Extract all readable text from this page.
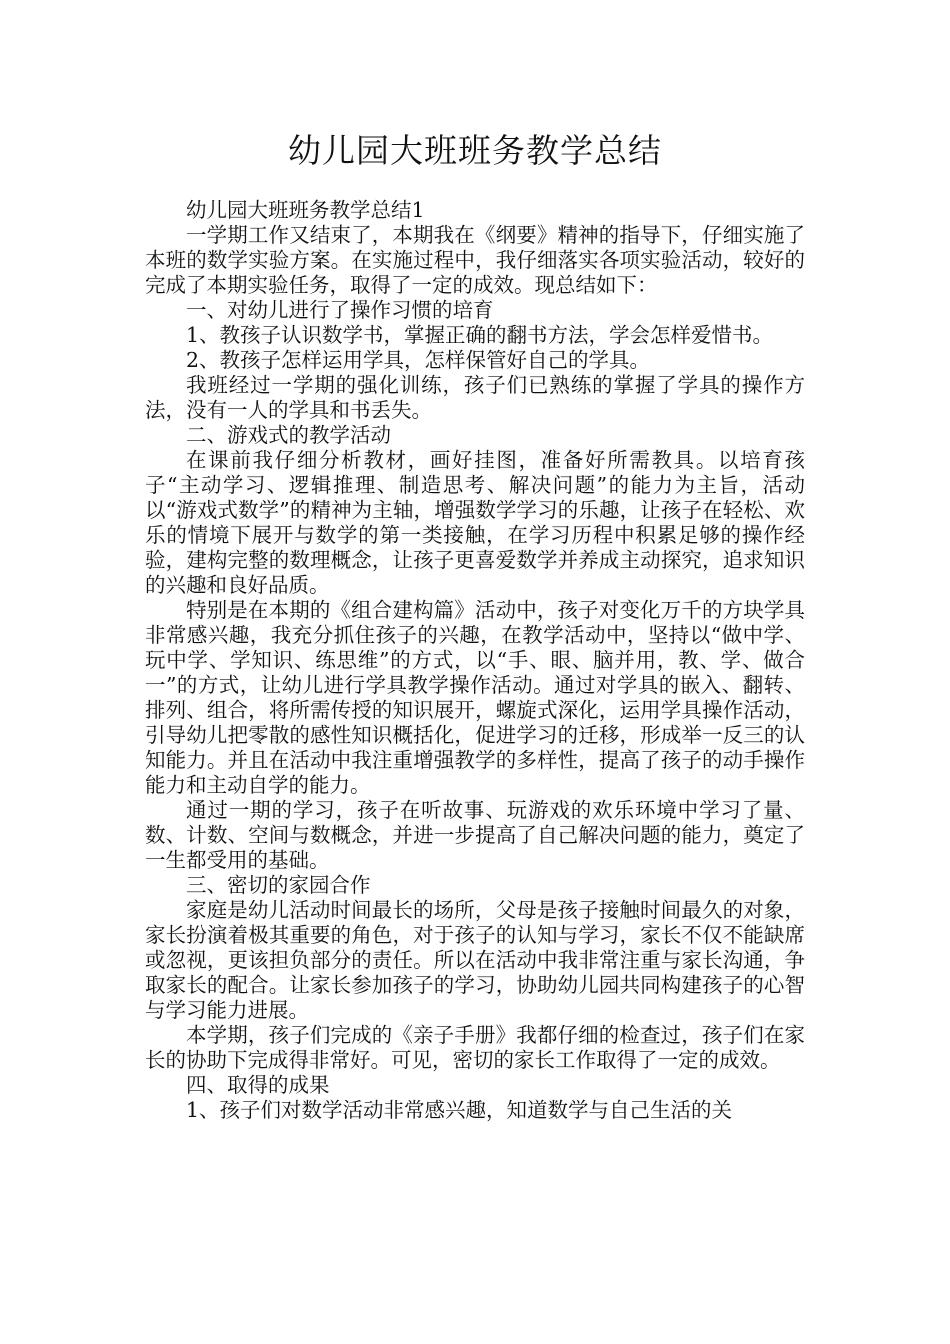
幼儿园大班班务教学总结

幼儿园大班班务教学总结1

一学期工作又结束了，本期我在《纲要》精神的指导下，仔细实施了本班的数学实验方案。在实施过程中，我仔细落实各项实验活动，较好的完成了本期实验任务，取得了一定的成效。现总结如下：

一、对幼儿进行了操作习惯的培育

1、教孩子认识数学书，掌握正确的翻书方法，学会怎样爱惜书。

2、教孩子怎样运用学具，怎样保管好自己的学具。

我班经过一学期的强化训练，孩子们已熟练的掌握了学具的操作方法，没有一人的学具和书丢失。

二、游戏式的教学活动

在课前我仔细分析教材，画好挂图，准备好所需教具。以培育孩子“主动学习、逻辑推理、制造思考、解决问题”的能力为主旨，活动以“游戏式数学”的精神为主轴，增强数学学习的乐趣，让孩子在轻松、欢乐的情境下展开与数学的第一类接触，在学习历程中积累足够的操作经验，建构完整的数理概念，让孩子更喜爱数学并养成主动探究，追求知识的兴趣和良好品质。

特别是在本期的《组合建构篇》活动中，孩子对变化万千的方块学具非常感兴趣，我充分抓住孩子的兴趣，在教学活动中，坚持以“做中学、玩中学、学知识、练思维”的方式，以“手、眼、脑并用，教、学、做合一”的方式，让幼儿进行学具教学操作活动。通过对学具的嵌入、翻转、排列、组合，将所需传授的知识展开，螺旋式深化，运用学具操作活动，引导幼儿把零散的感性知识概括化，促进学习的迁移，形成举一反三的认知能力。并且在活动中我注重增强教学的多样性，提高了孩子的动手操作能力和主动自学的能力。

通过一期的学习，孩子在听故事、玩游戏的欢乐环境中学习了量、数、计数、空间与数概念，并进一步提高了自己解决问题的能力，奠定了一生都受用的基础。

三、密切的家园合作

家庭是幼儿活动时间最长的场所，父母是孩子接触时间最久的对象，家长扮演着极其重要的角色，对于孩子的认知与学习，家长不仅不能缺席或忽视，更该担负部分的责任。所以在活动中我非常注重与家长沟通，争取家长的配合。让家长参加孩子的学习，协助幼儿园共同构建孩子的心智与学习能力进展。

本学期，孩子们完成的《亲子手册》我都仔细的检查过，孩子们在家长的协助下完成得非常好。可见，密切的家长工作取得了一定的成效。

四、取得的成果

1、孩子们对数学活动非常感兴趣，知道数学与自己生活的关
